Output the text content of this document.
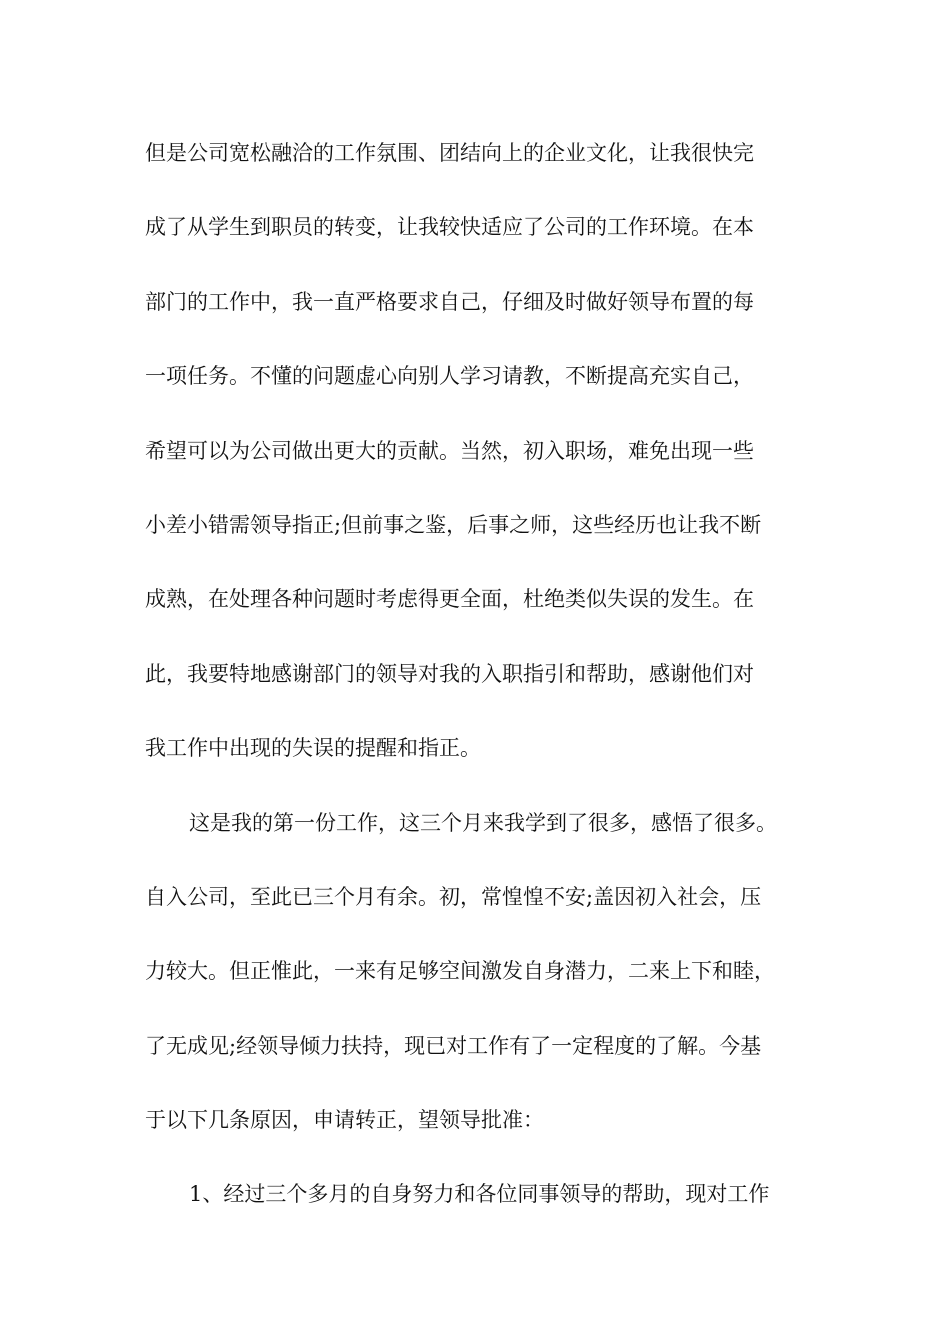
但是公司宽松融洽的工作氛围、团结向上的企业文化，让我很快完
成了从学生到职员的转变，让我较快适应了公司的工作环境。在本
部门的工作中，我一直严格要求自己，仔细及时做好领导布置的每
一项任务。不懂的问题虚心向别人学习请教，不断提高充实自己，
希望可以为公司做出更大的贡献。当然，初入职场，难免出现一些
小差小错需领导指正;但前事之鉴，后事之师，这些经历也让我不断
成熟，在处理各种问题时考虑得更全面，杜绝类似失误的发生。在
此，我要特地感谢部门的领导对我的入职指引和帮助，感谢他们对
我工作中出现的失误的提醒和指正。
这是我的第一份工作，这三个月来我学到了很多，感悟了很多。
自入公司，至此已三个月有余。初，常惶惶不安;盖因初入社会，压
力较大。但正惟此，一来有足够空间激发自身潜力，二来上下和睦，
了无成见;经领导倾力扶持，现已对工作有了一定程度的了解。今基
于以下几条原因，申请转正，望领导批准：
1、经过三个多月的自身努力和各位同事领导的帮助，现对工作
